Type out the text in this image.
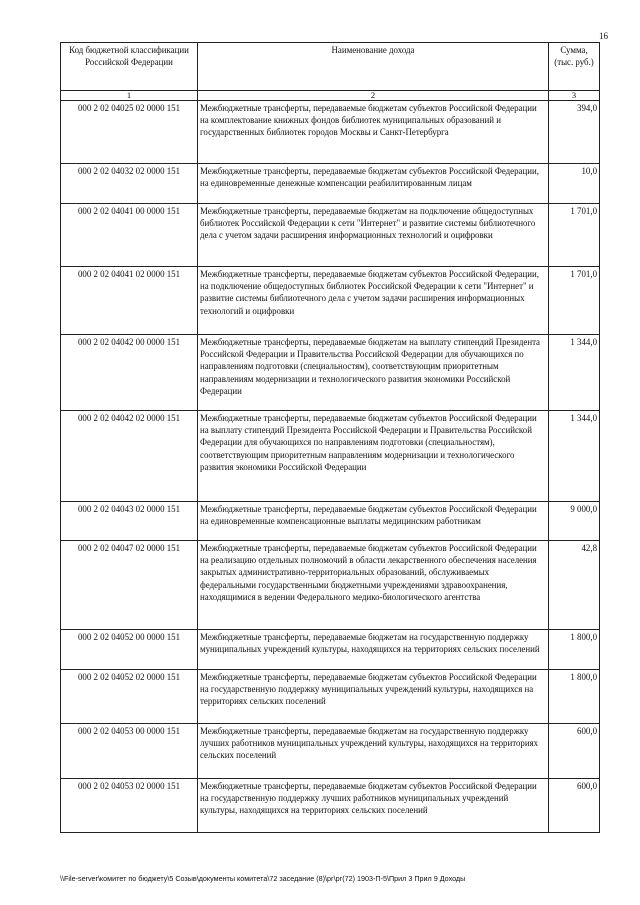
16
Код бюджетной классификации Российской Федерации	Наименование дохода	Сумма, (тыс. руб.)
1	2	3
000 2 02 04025 02 0000 151	Межбюджетные трансферты, передаваемые бюджетам субъектов Российской Федерации на комплектование книжных фондов библиотек муниципальных образований и государственных библиотек городов Москвы и Санкт-Петербурга	394,0
000 2 02 04032 02 0000 151	Межбюджетные трансферты, передаваемые бюджетам субъектов Российской Федерации, на единовременные денежные компенсации реабилитированным лицам	10,0
000 2 02 04041 00 0000 151	Межбюджетные трансферты, передаваемые бюджетам на подключение общедоступных библиотек Российской Федерации к сети "Интернет" и развитие системы библиотечного дела с учетом задачи расширения информационных технологий и оцифровки	1 701,0
000 2 02 04041 02 0000 151	Межбюджетные трансферты, передаваемые бюджетам субъектов Российской Федерации, на подключение общедоступных библиотек Российской Федерации к сети "Интернет" и развитие системы библиотечного дела с учетом задачи расширения информационных технологий и оцифровки	1 701,0
000 2 02 04042 00 0000 151	Межбюджетные трансферты, передаваемые бюджетам на выплату стипендий Президента Российской Федерации и Правительства Российской Федерации для обучающихся по направлениям подготовки (специальностям), соответствующим приоритетным направлениям модернизации и технологического развития экономики Российской Федерации	1 344,0
000 2 02 04042 02 0000 151	Межбюджетные трансферты, передаваемые бюджетам субъектов Российской Федерации на выплату стипендий Президента Российской Федерации и Правительства Российской Федерации для обучающихся по направлениям подготовки (специальностям), соответствующим приоритетным направлениям модернизации и технологического развития экономики Российской Федерации	1 344,0
000 2 02 04043 02 0000 151	Межбюджетные трансферты, передаваемые бюджетам субъектов Российской Федерации на единовременные компенсационные выплаты медицинским работникам	9 000,0
000 2 02 04047 02 0000 151	Межбюджетные трансферты, передаваемые бюджетам субъектов Российской Федерации на реализацию отдельных полномочий в области лекарственного обеспечения населения закрытых административно-территориальных образований, обслуживаемых федеральными государственными бюджетными учреждениями здравоохранения, находящимися в ведении Федерального медико-биологического агентства	42,8
000 2 02 04052 00 0000 151	Межбюджетные трансферты, передаваемые бюджетам на государственную поддержку муниципальных учреждений культуры, находящихся на территориях сельских поселений	1 800,0
000 2 02 04052 02 0000 151	Межбюджетные трансферты, передаваемые бюджетам субъектов Российской Федерации на государственную поддержку муниципальных учреждений культуры, находящихся на территориях сельских поселений	1 800,0
000 2 02 04053 00 0000 151	Межбюджетные трансферты, передаваемые бюджетам на государственную поддержку лучших работников муниципальных учреждений культуры, находящихся на территориях сельских поселений	600,0
000 2 02 04053 02 0000 151	Межбюджетные трансферты, передаваемые бюджетам субъектов Российской Федерации на государственную поддержку лучших работников муниципальных учреждений культуры, находящихся на территориях сельских поселений	600,0
\\File-server\комитет по бюджету\5 Созыв\документы комитета\72 заседание (8)\рг\рг(72) 1903-П-5\Прил 3 Прил 9 Доходы
